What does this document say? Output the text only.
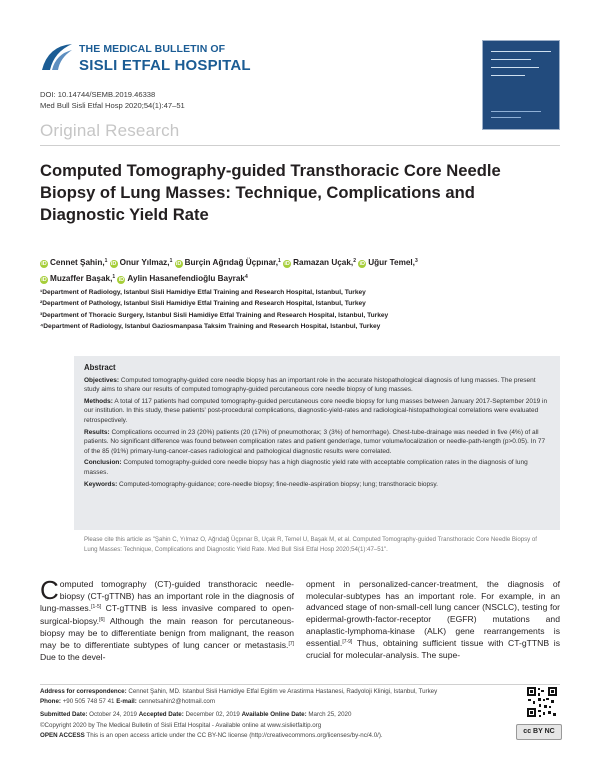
THE MEDICAL BULLETIN OF
SISLI ETFAL HOSPITAL
DOI: 10.14744/SEMB.2019.46338
Med Bull Sisli Etfal Hosp 2020;54(1):47–51
Original Research
Computed Tomography-guided Transthoracic Core Needle Biopsy of Lung Masses: Technique, Complications and Diagnostic Yield Rate
iD Cennet Şahin,$^1$ iD Onur Yılmaz,$^1$ iD Burçin Ağrıdağ Üçpınar,$^1$ iD Ramazan Uçak,$^2$ iD Uğur Temel,$^3$
iD Muzaffer Başak,$^1$ iD Aylin Hasanefendioğlu Bayrak$^4$
¹Department of Radiology, Istanbul Sisli Hamidiye Etfal Training and Research Hospital, Istanbul, Turkey
²Department of Pathology, Istanbul Sisli Hamidiye Etfal Training and Research Hospital, Istanbul, Turkey
³Department of Thoracic Surgery, Istanbul Sisli Hamidiye Etfal Training and Research Hospital, Istanbul, Turkey
⁴Department of Radiology, Istanbul Gaziosmanpasa Taksim Training and Research Hospital, Istanbul, Turkey
Abstract

Objectives: Computed tomography-guided core needle biopsy has an important role in the accurate histopathological diagnosis of lung masses. The present study aims to share our results of computed tomography-guided percutaneous core needle biopsy of lung masses.

Methods: A total of 117 patients had computed tomography-guided percutaneous core needle biopsy for lung masses between January 2017-September 2019 in our institution. In this study, these patients' post-procedural complications, diagnostic-yield-rates and radiological-histopathological correlations were evaluated retrospectively.

Results: Complications occurred in 23 (20%) patients (20 (17%) of pneumothorax; 3 (3%) of hemorrhage). Chest-tube-drainage was needed in five (4%) of all patients. No significant difference was found between complication rates and patient gender/age, tumor volume/localization or needle-path-length (p>0.05). In 77 of the 85 (91%) primary-lung-cancer-cases radiological and pathological diagnostic results were correlated.

Conclusion: Computed tomography-guided core needle biopsy has a high diagnostic yield rate with acceptable complication rates in the diagnosis of lung masses.

Keywords: Computed-tomography-guidance; core-needle biopsy; fine-needle-aspiration biopsy; lung; transthoracic biopsy.

Please cite this article as "Şahin C, Yılmaz O, Ağrıdağ Üçpınar B, Uçak R, Temel U, Başak M, et al. Computed Tomography-guided Transthoracic Core Needle Biopsy of Lung Masses: Technique, Complications and Diagnostic Yield Rate. Med Bull Sisli Etfal Hosp 2020;54(1):47–51".
Computed tomography (CT)-guided transthoracic needle-biopsy (CT-gTTNB) has an important role in the diagnosis of lung-masses.[1-5] CT-gTTNB is less invasive compared to open-surgical-biopsy.[6] Although the main reason for percutaneous-biopsy may be to differentiate benign from malignant, the reason may be to differentiate subtypes of lung cancer or metastasis.[7] Due to the devel-
opment in personalized-cancer-treatment, the diagnosis of molecular-subtypes has an important role. For example, in an advanced stage of non-small-cell lung cancer (NSCLC), testing for epidermal-growth-factor-receptor (EGFR) mutations and anaplastic-lymphoma-kinase (ALK) gene rearrangements is essential.[7-9] Thus, obtaining sufficient tissue with CT-gTTNB is crucial for molecular-analysis. The supe-
Address for correspondence: Cennet Şahin, MD. Istanbul Sisli Hamidiye Etfal Egitim ve Arastirma Hastanesi, Radyoloji Klinigi, Istanbul, Turkey
Phone: +90 505 748 57 41 E-mail: cennetsahin2@hotmail.com
Submitted Date: October 24, 2019 Accepted Date: December 02, 2019 Available Online Date: March 25, 2020
©Copyright 2020 by The Medical Bulletin of Sisli Etfal Hospital - Available online at www.sislietfaltip.org
OPEN ACCESS This is an open access article under the CC BY-NC license (http://creativecommons.org/licenses/by-nc/4.0/).
cc BY NC
